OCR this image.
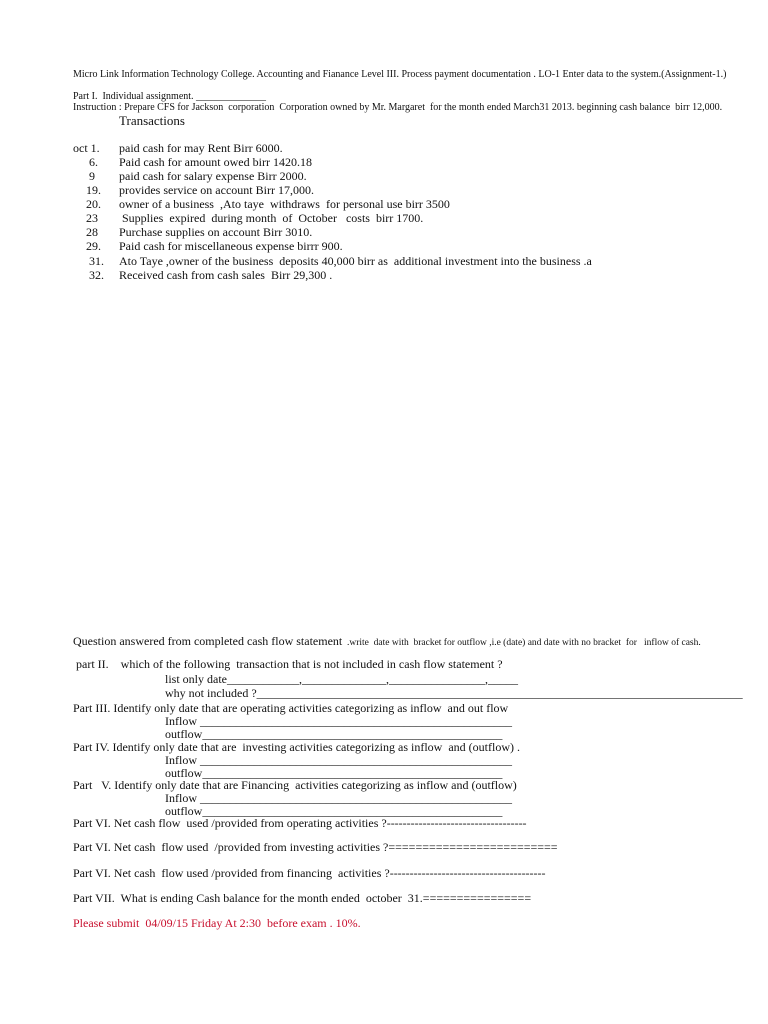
Micro Link Information Technology College. Accounting and Fianance Level III. Process payment documentation . LO-1 Enter data to the system.(Assignment-1.)
Part I.  Individual assignment. ______________
Instruction : Prepare CFS for Jackson  corporation  Corporation owned by Mr. Margaret  for the month ended March31 2013. beginning cash balance  birr 12,000.
Transactions
oct 1. paid cash for may Rent Birr 6000.
6. Paid cash for amount owed birr 1420.18
9 paid cash for salary expense Birr 2000.
19. provides service on account Birr 17,000.
20. owner of a business  ,Ato taye  withdraws  for personal use birr 3500
23 Supplies  expired  during month  of  October   costs  birr 1700.
28 Purchase supplies on account Birr 3010.
29. Paid cash for miscellaneous expense birrr 900.
31. Ato Taye ,owner of the business  deposits 40,000 birr as  additional investment into the business .a
32. Received cash from cash sales  Birr 29,300 .
Question answered from completed cash flow statement  .write  date with  bracket for outflow ,i.e (date) and date with no bracket  for   inflow of cash.
part II.    which of the following  transaction that is not included in cash flow statement ?
list only date____________,______________,________________,_____
why not included ?_________________________________________________________________________________
Part III. Identify only date that are operating activities categorizing as inflow  and out flow
Inflow ____________________________________________________
outflow__________________________________________________
Part IV. Identify only date that are  investing activities categorizing as inflow  and (outflow) .
Inflow ____________________________________________________
outflow__________________________________________________
Part   V. Identify only date that are Financing  activities categorizing as inflow and (outflow)
Inflow ____________________________________________________
outflow__________________________________________________
Part VI. Net cash flow  used /provided from operating activities ?-----------------------------------
Part VI. Net cash  flow used  /provided from investing activities ?=========================
Part VI. Net cash  flow used /provided from financing  activities ?---------------------------------------
Part VII.  What is ending Cash balance for the month ended  october  31.================
Please submit  04/09/15 Friday At 2:30  before exam . 10%.
